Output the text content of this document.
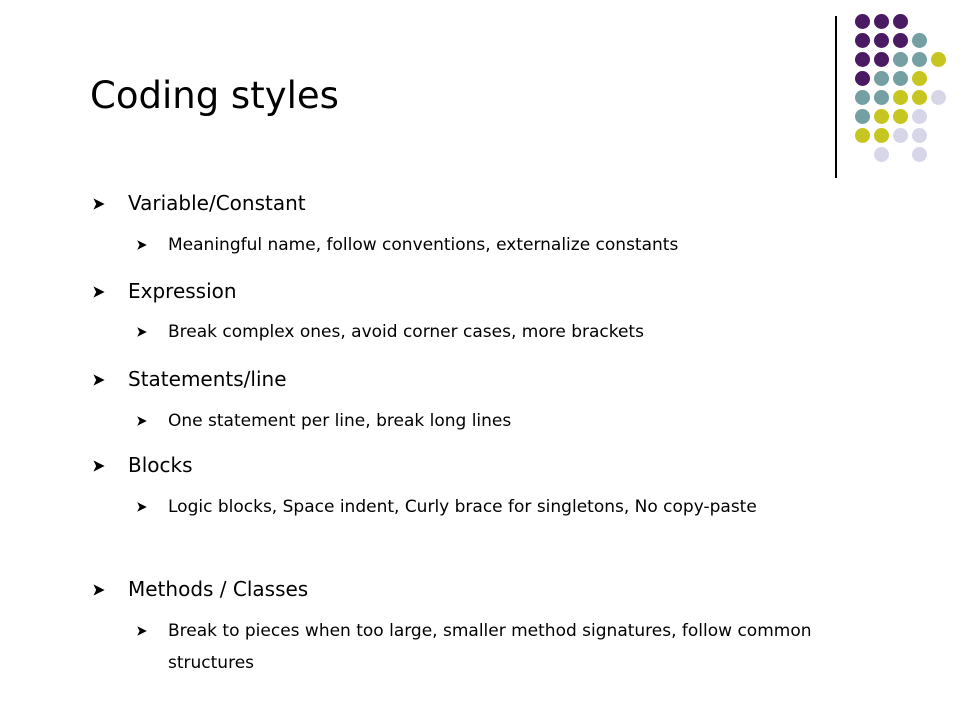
Coding styles
Variable/Constant
Meaningful name, follow conventions, externalize constants
Expression
Break complex ones, avoid corner cases, more brackets
Statements/line
One statement per line, break long lines
Blocks
Logic blocks, Space indent, Curly brace for singletons, No copy-paste
Methods / Classes
Break to pieces when too large, smaller method signatures, follow common structures
